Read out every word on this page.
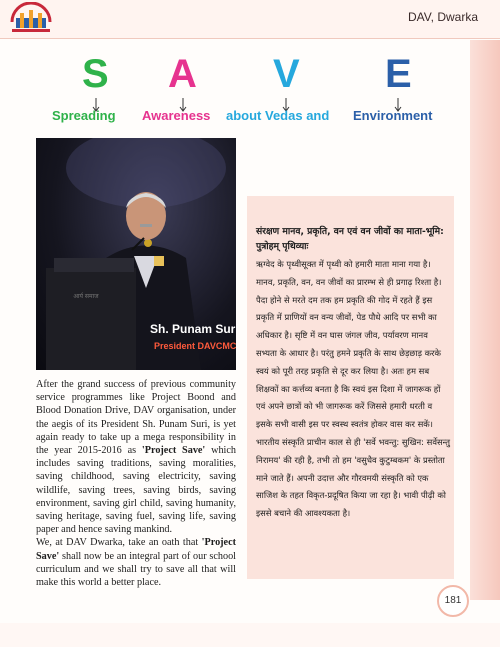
DAV, Dwarka
S A V E
Spreading Awareness about Vedas and Environment
आर्य समाज
Sh. Punam Suri
President DAVCMC

After the grand success of previous community service programmes like Project Boond and Blood Donation Drive, DAV organisation, under the aegis of its President Sh. Punam Suri, is yet again ready to take up a mega responsibility in the year 2015-2016 as 'Project Save' which includes saving traditions, saving moralities, saving childhood, saving electricity, saving wildlife, saving trees, saving birds, saving environment, saving girl child, saving humanity, saving heritage, saving fuel, saving life, saving paper and hence saving mankind.

We, at DAV Dwarka, take an oath that 'Project Save' shall now be an integral part of our school curriculum and we shall try to save all that will make this world a better place.

संरक्षण मानव, प्रकृति, वन एवं वन जीवों का माता-भूमि: पुत्रोहम् पृथिव्याः
ऋग्वेद के पृथ्वीसूक्त में पृथ्वी को हमारी माता माना गया है। मानव, प्रकृति, वन, वन जीवों का प्रारम्भ से ही प्रगाढ़ रिश्ता है। पैदा होने से मरते दम तक हम प्रकृति की गोद में रहते हैं इस प्रकृति में प्राणियों वन वन्य जीवों, पेड पौधे आदि पर सभी का अधिकार है। सृष्टि में वन घास जंगल जीव, पर्यावरण मानव सभ्यता के आधार है। परंतु हमने प्रकृति के साथ छेड़छाड़ करके स्वयं को पूरी तरह प्रकृति से दूर कर लिया है। अतः हम सब शिक्षकों का कर्त्तव्य बनता है कि स्वयं इस दिशा में जागरूक हों एवं अपने छात्रों को भी जागरूक करें जिससे हमारी धरती व इसके सभी वासी इस पर स्वस्थ स्वतंत्र होकर वास कर सकें। भारतीय संस्कृति प्राचीन काल से ही 'सर्वे भवन्तु: सुखिन: सर्वेसन्तु निरामय' की रही है, तभी तो हम 'वसुधैव कुटुम्बकम' के प्रस्तोता माने जाते हैं। अपनी उदात्त और गौरवमयी संस्कृति को एक साजिश के तहत विकृत-प्रदूषित किया जा रहा है। भावी पीढ़ी को इससे बचाने की आवश्यकता है।
181
